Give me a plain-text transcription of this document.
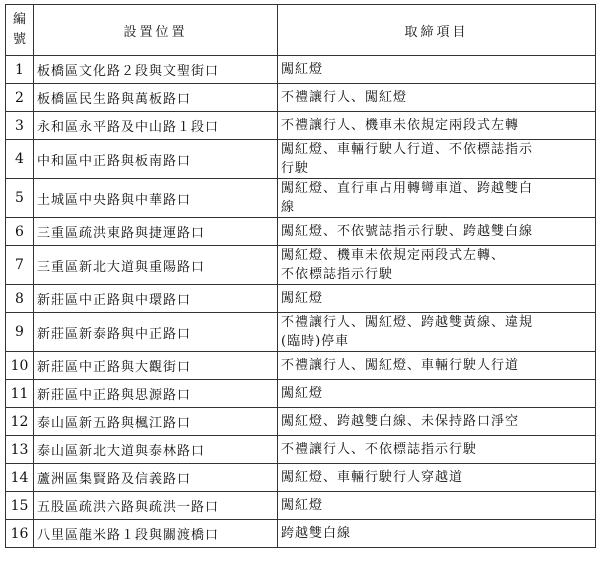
編號	設置位置	取締項目
1	板橋區文化路２段與文聖街口	闖紅燈
2	板橋區民生路與萬板路口	不禮讓行人、闖紅燈
3	永和區永平路及中山路１段口	不禮讓行人、機車未依規定兩段式左轉
4	中和區中正路與板南路口	闖紅燈、車輛行駛人行道、不依標誌指示
行駛
5	土城區中央路與中華路口	闖紅燈、直行車占用轉彎車道、跨越雙白
線
6	三重區疏洪東路與捷運路口	闖紅燈、不依號誌指示行駛、跨越雙白線
7	三重區新北大道與重陽路口	闖紅燈、機車未依規定兩段式左轉、
不依標誌指示行駛
8	新莊區中正路與中環路口	闖紅燈
9	新莊區新泰路與中正路口	不禮讓行人、闖紅燈、跨越雙黃線、違規
(臨時)停車
10	新莊區中正路與大觀街口	不禮讓行人、闖紅燈、車輛行駛人行道
11	新莊區中正路與思源路口	闖紅燈
12	泰山區新五路與楓江路口	闖紅燈、跨越雙白線、未保持路口淨空
13	泰山區新北大道與泰林路口	不禮讓行人、不依標誌指示行駛
14	蘆洲區集賢路及信義路口	闖紅燈、車輛行駛行人穿越道
15	五股區疏洪六路與疏洪一路口	闖紅燈
16	八里區龍米路１段與關渡橋口	跨越雙白線
